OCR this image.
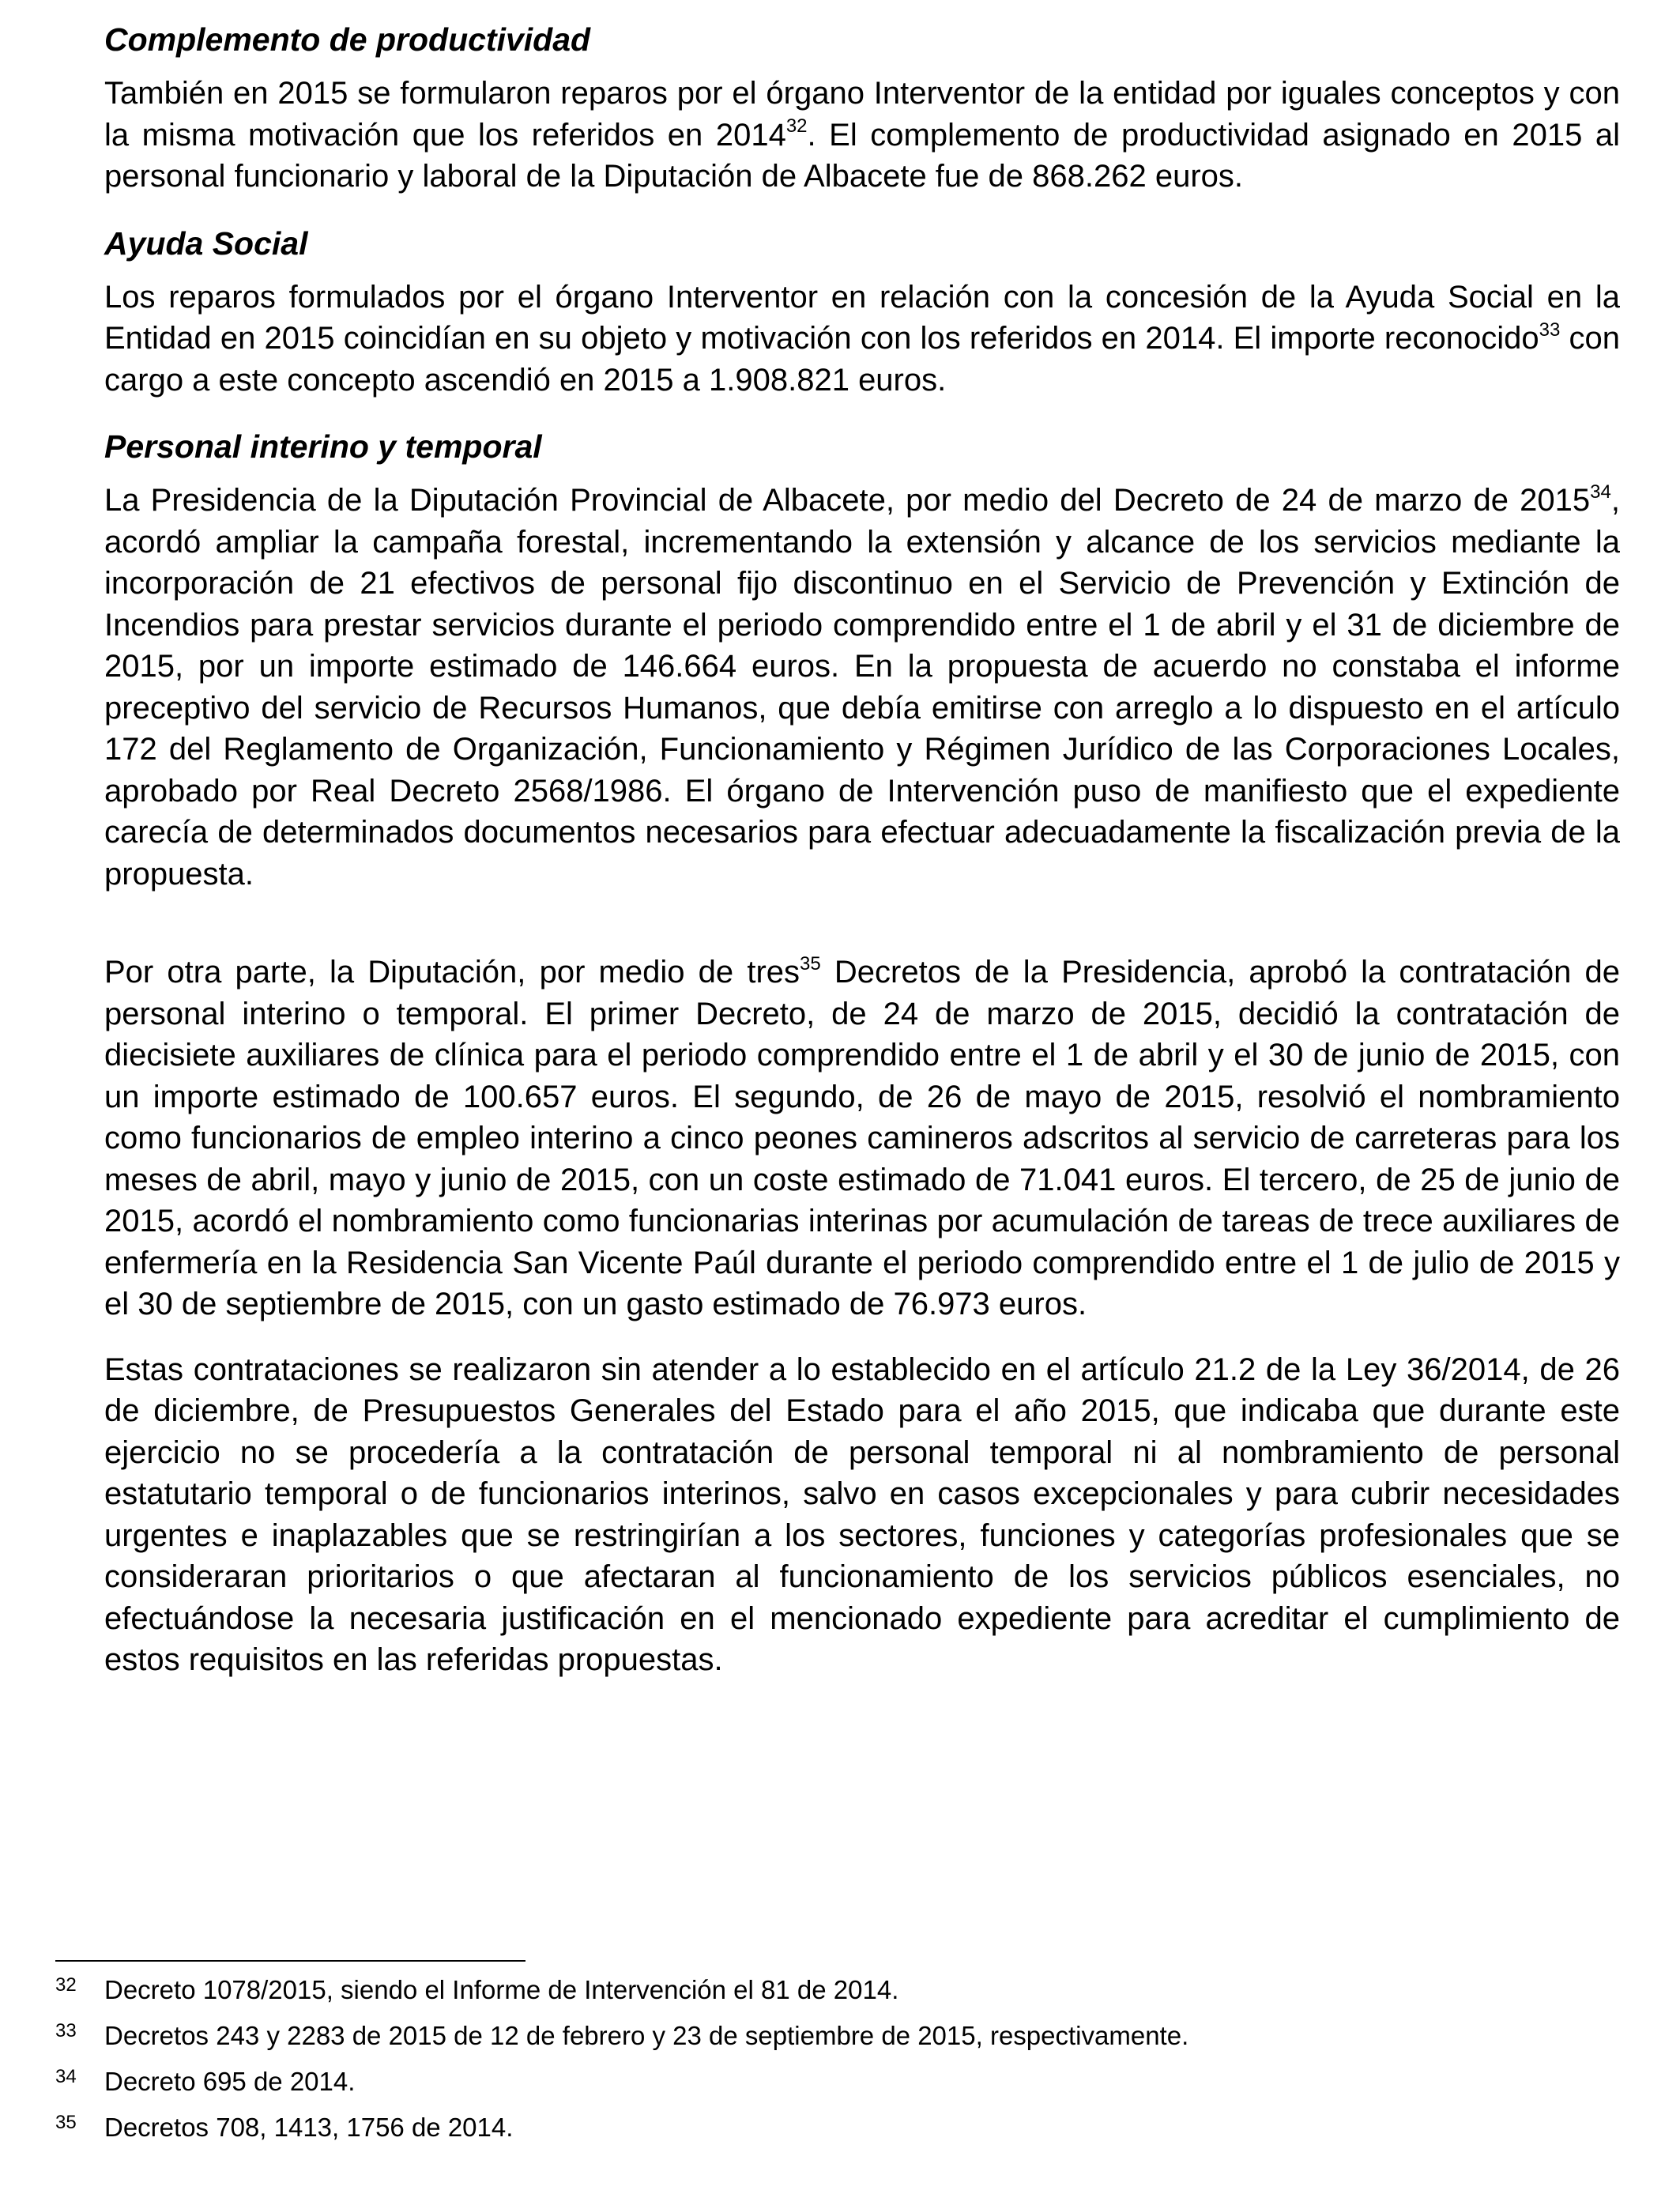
Complemento de productividad

También en 2015 se formularon reparos por el órgano Interventor de la entidad por iguales conceptos y con la misma motivación que los referidos en 2014$^{32}$. El complemento de productividad asignado en 2015 al personal funcionario y laboral de la Diputación de Albacete fue de 868.262 euros.

Ayuda Social

Los reparos formulados por el órgano Interventor en relación con la concesión de la Ayuda Social en la Entidad en 2015 coincidían en su objeto y motivación con los referidos en 2014. El importe reconocido$^{33}$ con cargo a este concepto ascendió en 2015 a 1.908.821 euros.

Personal interino y temporal

La Presidencia de la Diputación Provincial de Albacete, por medio del Decreto de 24 de marzo de 2015$^{34}$, acordó ampliar la campaña forestal, incrementando la extensión y alcance de los servicios mediante la incorporación de 21 efectivos de personal fijo discontinuo en el Servicio de Prevención y Extinción de Incendios para prestar servicios durante el periodo comprendido entre el 1 de abril y el 31 de diciembre de 2015, por un importe estimado de 146.664 euros. En la propuesta de acuerdo no constaba el informe preceptivo del servicio de Recursos Humanos, que debía emitirse con arreglo a lo dispuesto en el artículo 172 del Reglamento de Organización, Funcionamiento y Régimen Jurídico de las Corporaciones Locales, aprobado por Real Decreto 2568/1986. El órgano de Intervención puso de manifiesto que el expediente carecía de determinados documentos necesarios para efectuar adecuadamente la fiscalización previa de la propuesta.

Por otra parte, la Diputación, por medio de tres$^{35}$ Decretos de la Presidencia, aprobó la contratación de personal interino o temporal. El primer Decreto, de 24 de marzo de 2015, decidió la contratación de diecisiete auxiliares de clínica para el periodo comprendido entre el 1 de abril y el 30 de junio de 2015, con un importe estimado de 100.657 euros. El segundo, de 26 de mayo de 2015, resolvió el nombramiento como funcionarios de empleo interino a cinco peones camineros adscritos al servicio de carreteras para los meses de abril, mayo y junio de 2015, con un coste estimado de 71.041 euros. El tercero, de 25 de junio de 2015, acordó el nombramiento como funcionarias interinas por acumulación de tareas de trece auxiliares de enfermería en la Residencia San Vicente Paúl durante el periodo comprendido entre el 1 de julio de 2015 y el 30 de septiembre de 2015, con un gasto estimado de 76.973 euros.

Estas contrataciones se realizaron sin atender a lo establecido en el artículo 21.2 de la Ley 36/2014, de 26 de diciembre, de Presupuestos Generales del Estado para el año 2015, que indicaba que durante este ejercicio no se procedería a la contratación de personal temporal ni al nombramiento de personal estatutario temporal o de funcionarios interinos, salvo en casos excepcionales y para cubrir necesidades urgentes e inaplazables que se restringirían a los sectores, funciones y categorías profesionales que se consideraran prioritarios o que afectaran al funcionamiento de los servicios públicos esenciales, no efectuándose la necesaria justificación en el mencionado expediente para acreditar el cumplimiento de estos requisitos en las referidas propuestas.

32 Decreto 1078/2015, siendo el Informe de Intervención el 81 de 2014.
33 Decretos 243 y 2283 de 2015 de 12 de febrero y 23 de septiembre de 2015, respectivamente.
34 Decreto 695 de 2014.
35 Decretos 708, 1413, 1756 de 2014.
